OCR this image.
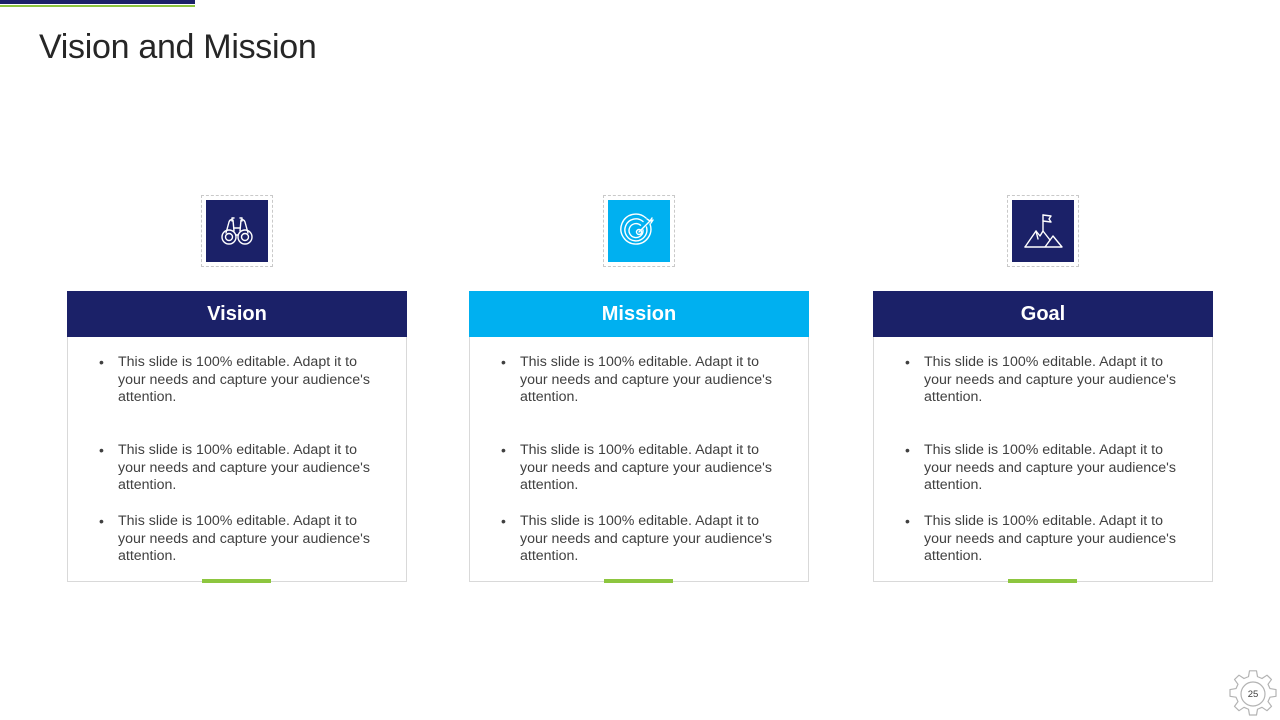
Vision and Mission
Vision
• This slide is 100% editable. Adapt it to your needs and capture your audience's attention.
• This slide is 100% editable. Adapt it to your needs and capture your audience's attention.
• This slide is 100% editable. Adapt it to your needs and capture your audience's attention.
Mission
• This slide is 100% editable. Adapt it to your needs and capture your audience's attention.
• This slide is 100% editable. Adapt it to your needs and capture your audience's attention.
• This slide is 100% editable. Adapt it to your needs and capture your audience's attention.
Goal
• This slide is 100% editable. Adapt it to your needs and capture your audience's attention.
• This slide is 100% editable. Adapt it to your needs and capture your audience's attention.
• This slide is 100% editable. Adapt it to your needs and capture your audience's attention.
25
